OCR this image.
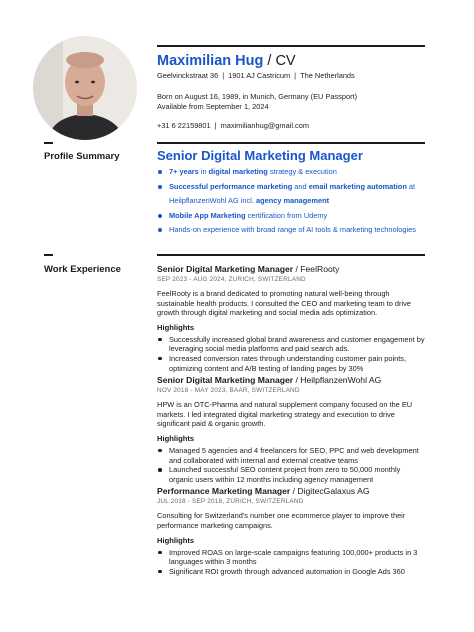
Maximilian Hug / CV
Geelvinckstraat 36 | 1901 AJ Castricum | The Netherlands
Born on August 16, 1989, in Munich, Germany (EU Passport)
Available from September 1, 2024
+31 6 22159801 | maximilianhug@gmail.com
Profile Summary	Senior Digital Marketing Manager
7+ years in digital marketing strategy & execution
Successful performance marketing and email marketing automation at HeilpflanzenWohl AG incl. agency management
Mobile App Marketing certification from Udemy
Hands-on experience with broad range of AI tools & marketing technologies
Work Experience	Senior Digital Marketing Manager / FeelRooty
SEP 2023 - AUG 2024, ZURICH, SWITZERLAND
FeelRooty is a brand dedicated to promoting natural well-being through sustainable health products. I consulted the CEO and marketing team to drive growth through digital marketing and social media ads optimization.
Highlights
Successfully increased global brand awareness and customer engagement by leveraging social media platforms and paid search ads.
Increased conversion rates through understanding customer pain points, optimizing content and A/B testing of landing pages by 30%
Senior Digital Marketing Manager / HeilpflanzenWohl AG
NOV 2018 - MAY 2023, BAAR, SWITZERLAND
HPW is an OTC-Pharma and natural supplement company focused on the EU markets. I led integrated digital marketing strategy and execution to drive significant paid & organic growth.
Highlights
Managed 5 agencies and 4 freelancers for SEO, PPC and web development and collaborated with internal and external creative teams
Launched successful SEO content project from zero to 50,000 monthly organic users within 12 months including agency management
Performance Marketing Manager / DigitecGalaxus AG
JUL 2018 - SEP 2018, ZURICH, SWITZERLAND
Consulting for Switzerland's number one ecommerce player to improve their performance marketing campaigns.
Highlights
Improved ROAS on large-scale campaigns featuring 100,000+ products in 3 languages within 3 months
Significant ROI growth through advanced automation in Google Ads 360
